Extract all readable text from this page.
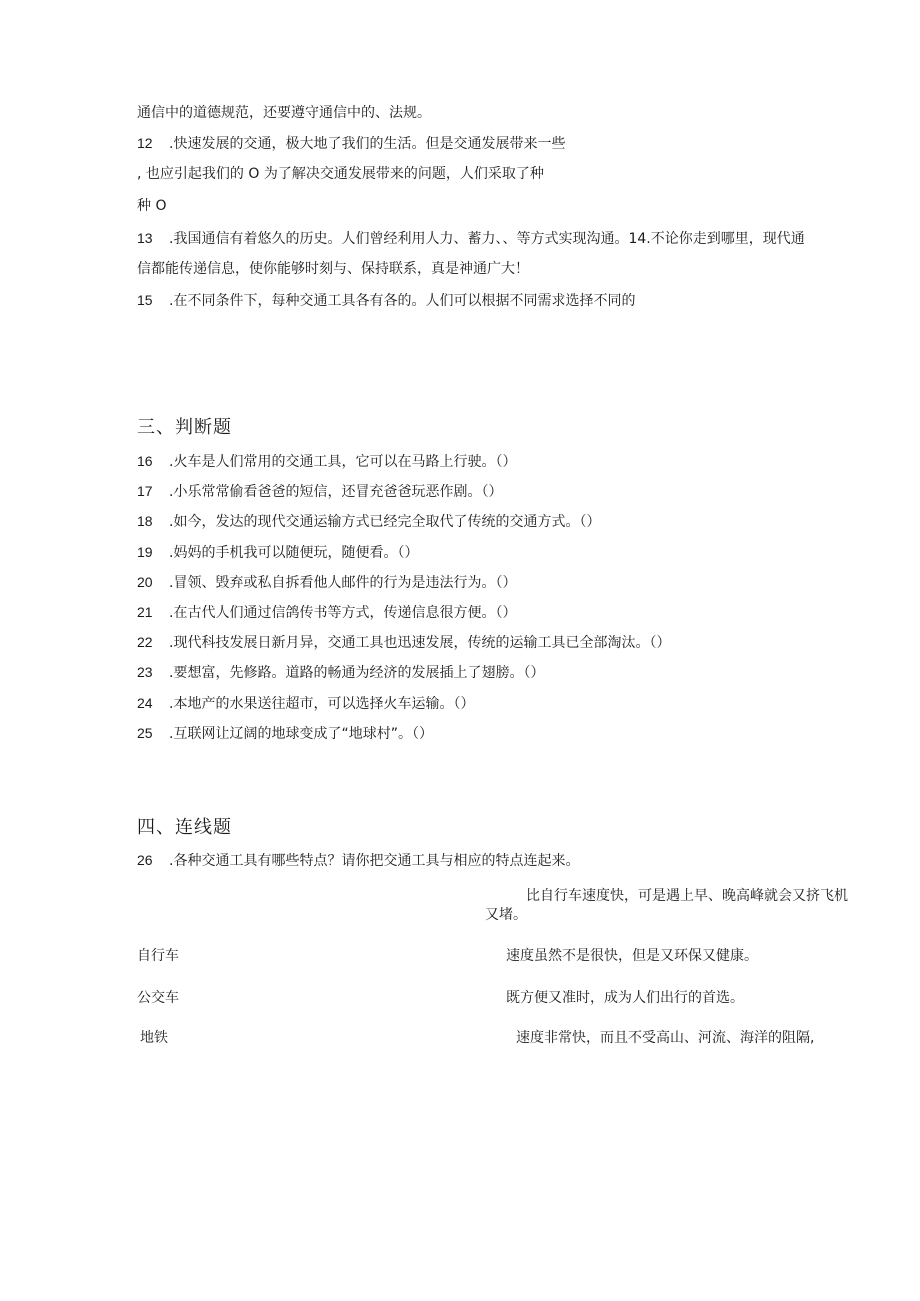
通信中的道德规范，还要遵守通信中的、法规。
12 .快速发展的交通，极大地了我们的生活。但是交通发展带来一些
, 也应引起我们的 O 为了解决交通发展带来的问题，人们采取了种
种 O
13 .我国通信有着悠久的历史。人们曾经利用人力、蓄力、、等方式实现沟通。14.不论你走到哪里，现代通
信都能传递信息，使你能够时刻与、保持联系，真是神通广大！
15 .在不同条件下，每种交通工具各有各的。人们可以根据不同需求选择不同的
三、判断题
16 .火车是人们常用的交通工具，它可以在马路上行驶。（）
17 .小乐常常偷看爸爸的短信，还冒充爸爸玩恶作剧。（）
18 .如今，发达的现代交通运输方式已经完全取代了传统的交通方式。（）
19 .妈妈的手机我可以随便玩，随便看。（）
20 .冒领、毁弃或私自拆看他人邮件的行为是违法行为。（）
21 .在古代人们通过信鸽传书等方式，传递信息很方便。（）
22 .现代科技发展日新月异，交通工具也迅速发展，传统的运输工具已全部淘汰。（）
23 .要想富，先修路。道路的畅通为经济的发展插上了翅膀。（）
24 .本地产的水果送往超市，可以选择火车运输。（）
25 .互联网让辽阔的地球变成了“地球村”。（）
四、连线题
26 .各种交通工具有哪些特点？请你把交通工具与相应的特点连起来。
比自行车速度快，可是遇上早、晚高峰就会又挤飞机
又堵。
速度虽然不是很快，但是又环保又健康。
既方便又准时，成为人们出行的首选。
速度非常快，而且不受高山、河流、海洋的阻隔,
自行车
公交车
地铁
